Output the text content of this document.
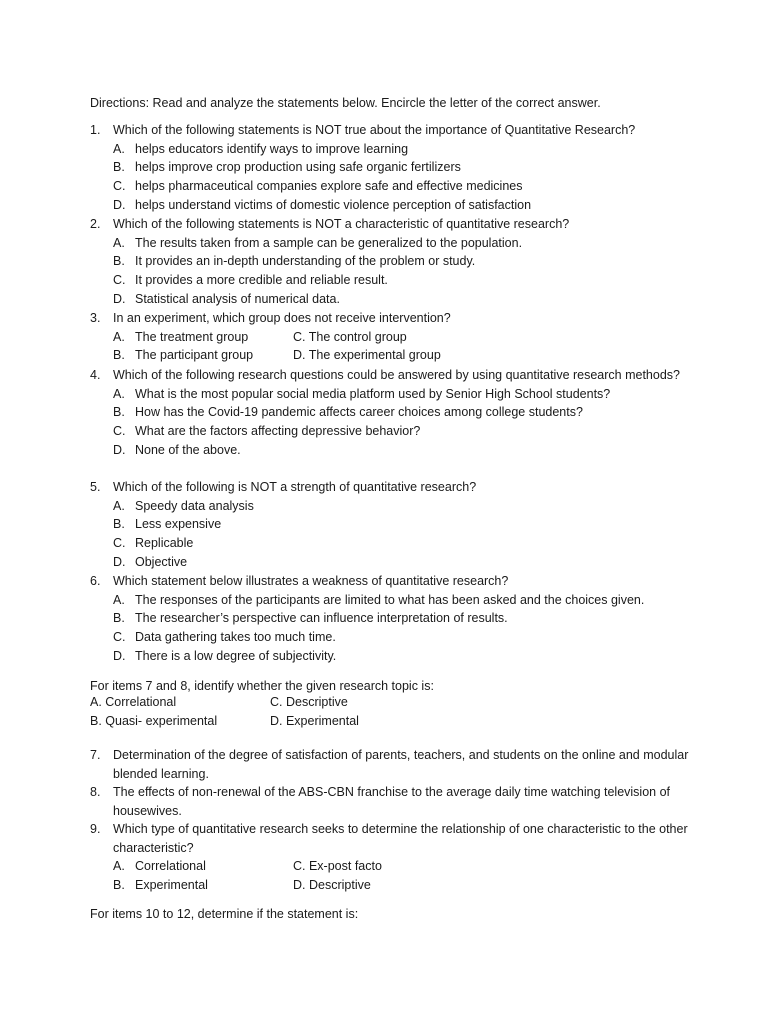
Directions: Read and analyze the statements below. Encircle the letter of the correct answer.
1.	Which of the following statements is NOT true about the importance of Quantitative Research?
A. helps educators identify ways to improve learning
B. helps improve crop production using safe organic fertilizers
C. helps pharmaceutical companies explore safe and effective medicines
D. helps understand victims of domestic violence perception of satisfaction
2.	Which of the following statements is NOT a characteristic of quantitative research?
A. The results taken from a sample can be generalized to the population.
B. It provides an in-depth understanding of the problem or study.
C. It provides a more credible and reliable result.
D. Statistical analysis of numerical data.
3.	In an experiment, which group does not receive intervention?
A. The treatment group	C. The control group
B. The participant group	D. The experimental group
4.	Which of the following research questions could be answered by using quantitative research methods?
A. What is the most popular social media platform used by Senior High School students?
B. How has the Covid-19 pandemic affects career choices among college students?
C. What are the factors affecting depressive behavior?
D. None of the above.
5.	Which of the following is NOT a strength of quantitative research?
A. Speedy data analysis
B. Less expensive
C. Replicable
D. Objective
6.	Which statement below illustrates a weakness of quantitative research?
A. The responses of the participants are limited to what has been asked and the choices given.
B. The researcher’s perspective can influence interpretation of results.
C. Data gathering takes too much time.
D. There is a low degree of subjectivity.
For items 7 and 8, identify whether the given research topic is:
A. Correlational	C. Descriptive
B. Quasi- experimental	D. Experimental
7.	Determination of the degree of satisfaction of parents, teachers, and students on the online and modular blended learning.
8.	The effects of non-renewal of the ABS-CBN franchise to the average daily time watching television of housewives.
9.	Which type of quantitative research seeks to determine the relationship of one characteristic to the other characteristic?
A. Correlational	C. Ex-post facto
B. Experimental	D. Descriptive
For items 10 to 12, determine if the statement is:
